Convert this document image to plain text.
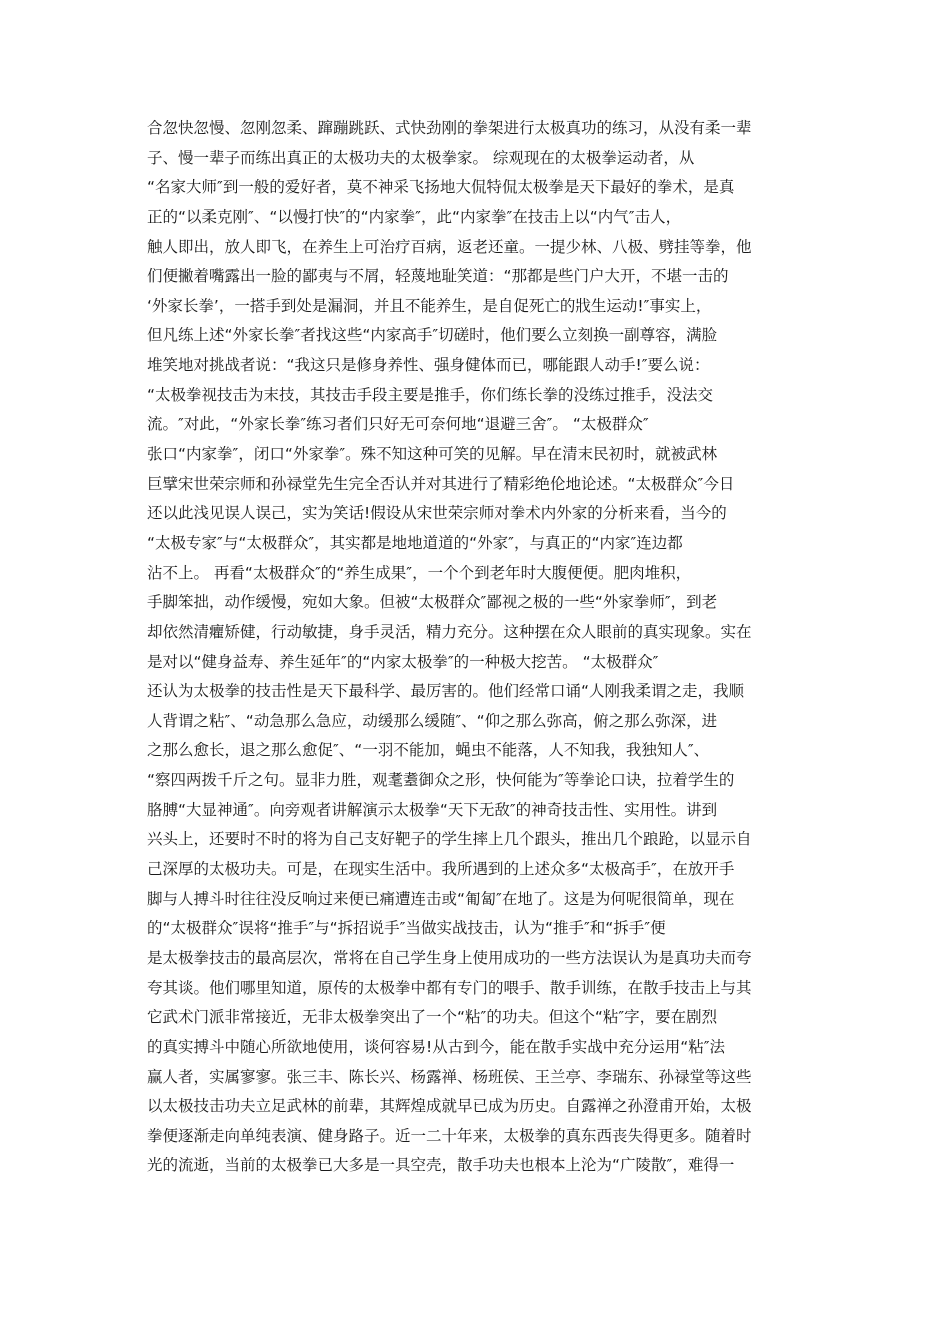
合忽快忽慢、忽刚忽柔、蹿蹦跳跃、式快劲刚的拳架进行太极真功的练习，从没有柔一辈
子、慢一辈子而练出真正的太极功夫的太极拳家。 综观现在的太极拳运动者，从
“名家大师″到一般的爱好者，莫不神采飞扬地大侃特侃太极拳是天下最好的拳术，是真
正的“以柔克刚″、“以慢打快″的“内家拳″，此“内家拳″在技击上以“内气″击人，
触人即出，放人即飞，在养生上可治疗百病，返老还童。一提少林、八极、劈挂等拳，他
们便撇着嘴露出一脸的鄙夷与不屑，轻蔑地耻笑道：“那都是些门户大开，不堪一击的
‘外家长拳’，一搭手到处是漏洞，并且不能养生，是自促死亡的戕生运动!″事实上，
但凡练上述“外家长拳″者找这些“内家高手″切磋时，他们要么立刻换一副尊容，满脸
堆笑地对挑战者说：“我这只是修身养性、强身健体而已，哪能跟人动手!″要么说：
“太极拳视技击为末技，其技击手段主要是推手，你们练长拳的没练过推手，没法交
流。″对此，“外家长拳″练习者们只好无可奈何地“退避三舍″。 “太极群众″
张口“内家拳″，闭口“外家拳″。殊不知这种可笑的见解。早在清末民初时，就被武林
巨擘宋世荣宗师和孙禄堂先生完全否认并对其进行了精彩绝伦地论述。“太极群众″今日
还以此浅见误人误己，实为笑话!假设从宋世荣宗师对拳术内外家的分析来看，当今的
“太极专家″与“太极群众″，其实都是地地道道的“外家″，与真正的“内家″连边都
沾不上。 再看“太极群众″的“养生成果″，一个个到老年时大腹便便。肥肉堆积，
手脚笨拙，动作缓慢，宛如大象。但被“太极群众″鄙视之极的一些“外家拳师″，到老
却依然清癯矫健，行动敏捷，身手灵活，精力充分。这种摆在众人眼前的真实现象。实在
是对以“健身益寿、养生延年″的“内家太极拳″的一种极大挖苦。 “太极群众″
还认为太极拳的技击性是天下最科学、最厉害的。他们经常口诵“人刚我柔谓之走，我顺
人背谓之粘″、“动急那么急应，动缓那么缓随″、“仰之那么弥高，俯之那么弥深，进
之那么愈长，退之那么愈促″、“一羽不能加，蝇虫不能落，人不知我，我独知人″、
“察四两拨千斤之句。显非力胜，观耄耋御众之形，快何能为″等拳论口诀，拉着学生的
胳膊“大显神通″。向旁观者讲解演示太极拳“天下无敌″的神奇技击性、实用性。讲到
兴头上，还要时不时的将为自己支好靶子的学生摔上几个跟头，推出几个踉跄，以显示自
己深厚的太极功夫。可是，在现实生活中。我所遇到的上述众多“太极高手″，在放开手
脚与人搏斗时往往没反响过来便已痛遭连击或“匍匐″在地了。这是为何呢很简单，现在
的“太极群众″误将“推手″与“拆招说手″当做实战技击，认为“推手″和“拆手″便
是太极拳技击的最高层次，常将在自己学生身上使用成功的一些方法误认为是真功夫而夸
夸其谈。他们哪里知道，原传的太极拳中都有专门的喂手、散手训练，在散手技击上与其
它武术门派非常接近，无非太极拳突出了一个“粘″的功夫。但这个“粘″字，要在剧烈
的真实搏斗中随心所欲地使用，谈何容易!从古到今，能在散手实战中充分运用“粘″法
赢人者，实属寥寥。张三丰、陈长兴、杨露禅、杨班侯、王兰亭、李瑞东、孙禄堂等这些
以太极技击功夫立足武林的前辈，其辉煌成就早已成为历史。自露禅之孙澄甫开始，太极
拳便逐渐走向单纯表演、健身路子。近一二十年来，太极拳的真东西丧失得更多。随着时
光的流逝，当前的太极拳已大多是一具空壳，散手功夫也根本上沦为“广陵散″，难得一
